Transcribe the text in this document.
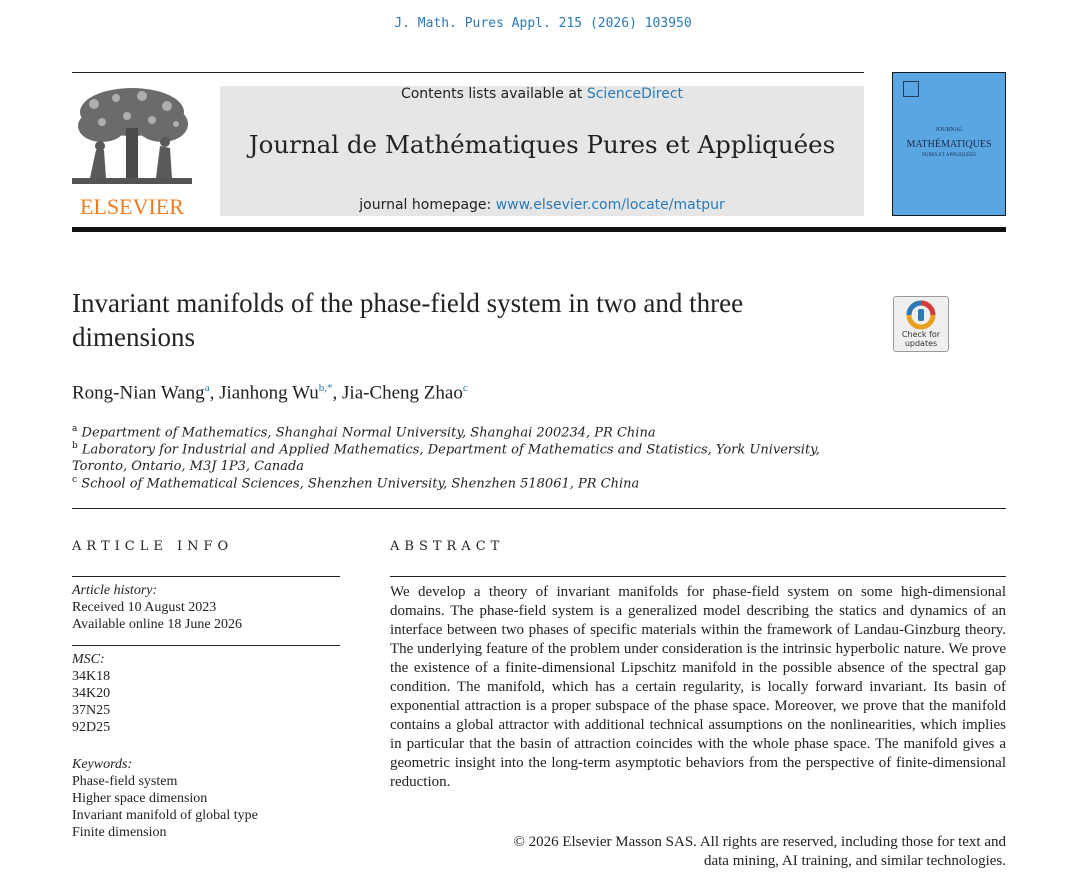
J. Math. Pures Appl. 215 (2026) 103950
ELSEVIER
Contents lists available at ScienceDirect
Journal de Mathématiques Pures et Appliquées
journal homepage: www.elsevier.com/locate/matpur
JOURNAL
MATHÉMATIQUES
PURES ET APPLIQUÉES
Invariant manifolds of the phase-field system in two and three dimensions	Check for
updates
Rong-Nian Wang$^a$, Jianhong $Wu^{b,*}$, Jia-Cheng Zhao$^c$
$^a$ Department of Mathematics, Shanghai Normal University, Shanghai 200234, PR China
$^b$ Laboratory for Industrial and Applied Mathematics, Department of Mathematics and Statistics, York University, Toronto, Ontario, M3J 1P3, Canada
$^c$ School of Mathematical Sciences, Shenzhen University, Shenzhen 518061, PR China
ARTICLE INFO	ABSTRACT
Article history:
Received 10 August 2023
Available online 18 June 2026
MSC:
34K18
34K20
37N25
92D25
Keywords:
Phase-field system
Higher space dimension
Invariant manifold of global type
Finite dimension
We develop a theory of invariant manifolds for phase-field system on some high-dimensional domains. The phase-field system is a generalized model describing the statics and dynamics of an interface between two phases of specific materials within the framework of Landau-Ginzburg theory. The underlying feature of the problem under consideration is the intrinsic hyperbolic nature. We prove the existence of a finite-dimensional Lipschitz manifold in the possible absence of the spectral gap condition. The manifold, which has a certain regularity, is locally forward invariant. Its basin of exponential attraction is a proper subspace of the phase space. Moreover, we prove that the manifold contains a global attractor with additional technical assumptions on the nonlinearities, which implies in particular that the basin of attraction coincides with the whole phase space. The manifold gives a geometric insight into the long-term asymptotic behaviors from the perspective of finite-dimensional reduction.
© 2026 Elsevier Masson SAS. All rights are reserved, including those for text and
data mining, AI training, and similar technologies.
